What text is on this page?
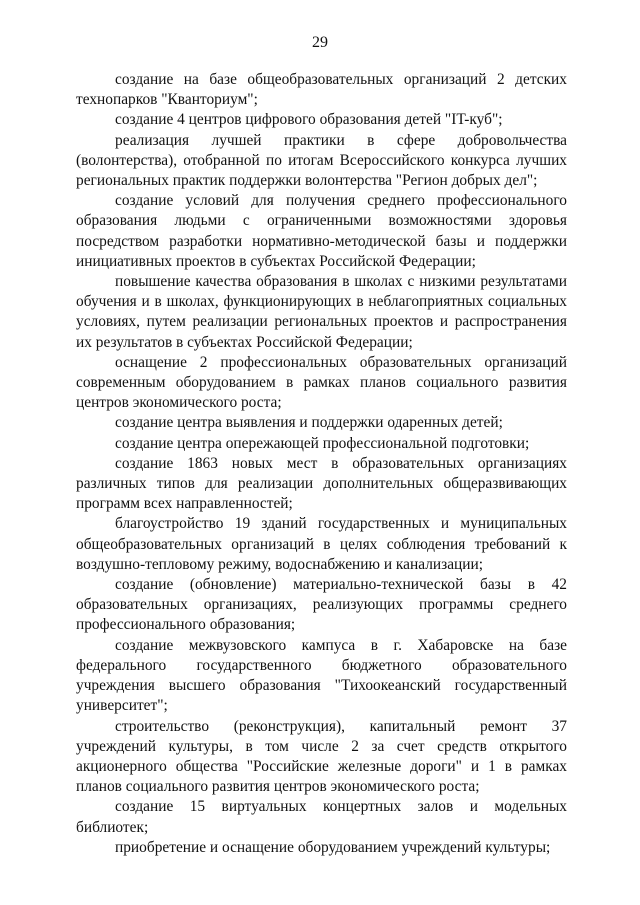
29

создание на базе общеобразовательных организаций 2 детских технопарков "Кванториум";

создание 4 центров цифрового образования детей "IT-куб";

реализация лучшей практики в сфере добровольчества (волонтерства), отобранной по итогам Всероссийского конкурса лучших региональных практик поддержки волонтерства "Регион добрых дел";

создание условий для получения среднего профессионального образования людьми с ограниченными возможностями здоровья посредством разработки нормативно-методической базы и поддержки инициативных проектов в субъектах Российской Федерации;

повышение качества образования в школах с низкими результатами обучения и в школах, функционирующих в неблагоприятных социальных условиях, путем реализации региональных проектов и распространения их результатов в субъектах Российской Федерации;

оснащение 2 профессиональных образовательных организаций современным оборудованием в рамках планов социального развития центров экономического роста;

создание центра выявления и поддержки одаренных детей;

создание центра опережающей профессиональной подготовки;

создание 1863 новых мест в образовательных организациях различных типов для реализации дополнительных общеразвивающих программ всех направленностей;

благоустройство 19 зданий государственных и муниципальных общеобразовательных организаций в целях соблюдения требований к воздушно-тепловому режиму, водоснабжению и канализации;

создание (обновление) материально-технической базы в 42 образовательных организациях, реализующих программы среднего профессионального образования;

создание межвузовского кампуса в г. Хабаровске на базе федерального государственного бюджетного образовательного учреждения высшего образования "Тихоокеанский государственный университет";

строительство (реконструкция), капитальный ремонт 37 учреждений культуры, в том числе 2 за счет средств открытого акционерного общества "Российские железные дороги" и 1 в рамках планов социального развития центров экономического роста;

создание 15 виртуальных концертных залов и модельных библиотек;

приобретение и оснащение оборудованием учреждений культуры;
